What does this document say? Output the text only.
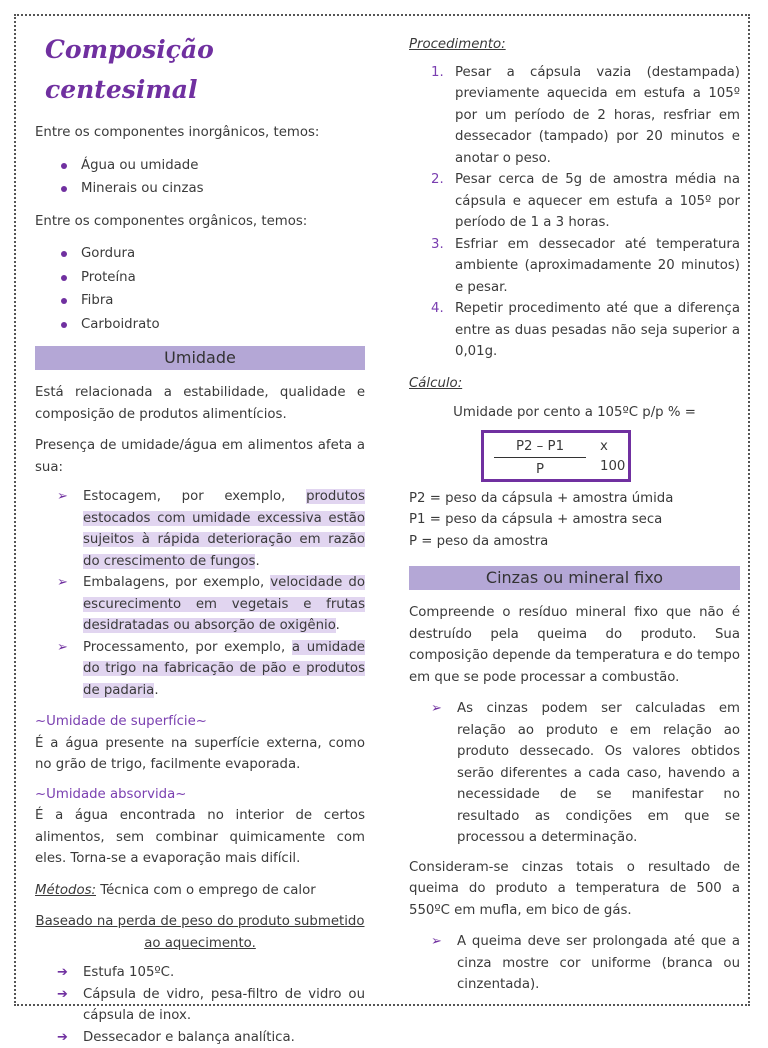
Composição centesimal

Entre os componentes inorgânicos, temos:

Água ou umidade
Minerais ou cinzas

Entre os componentes orgânicos, temos:

Gordura
Proteína
Fibra
Carboidrato
Umidade

Está relacionada a estabilidade, qualidade e composição de produtos alimentícios.

Presença de umidade/água em alimentos afeta a sua:

➢ Estocagem, por exemplo, produtos estocados com umidade excessiva estão sujeitos à rápida deterioração em razão do crescimento de fungos.
➢ Embalagens, por exemplo, velocidade do escurecimento em vegetais e frutas desidratadas ou absorção de oxigênio.
➢ Processamento, por exemplo, a umidade do trigo na fabricação de pão e produtos de padaria.

~Umidade de superfície~

É a água presente na superfície externa, como no grão de trigo, facilmente evaporada.

~Umidade absorvida~

É a água encontrada no interior de certos alimentos, sem combinar quimicamente com eles. Torna-se a evaporação mais difícil.

Métodos: Técnica com o emprego de calor

Baseado na perda de peso do produto submetido ao aquecimento.

➔ Estufa 105ºC.
➔ Cápsula de vidro, pesa-filtro de vidro ou cápsula de inox.
➔ Dessecador e balança analítica.

Procedimento:

1. Pesar a cápsula vazia (destampada) previamente aquecida em estufa a 105º por um período de 2 horas, resfriar em dessecador (tampado) por 20 minutos e anotar o peso.
2. Pesar cerca de 5g de amostra média na cápsula e aquecer em estufa a 105º por período de 1 a 3 horas.
3. Esfriar em dessecador até temperatura ambiente (aproximadamente 20 minutos) e pesar.
4. Repetir procedimento até que a diferença entre as duas pesadas não seja superior a 0,01g.

Cálculo:

Umidade por cento a 105ºC p/p % =

P2 – P1
P
x 100

P2 = peso da cápsula + amostra úmida

P1 = peso da cápsula + amostra seca

P = peso da amostra

Cinzas ou mineral fixo

Compreende o resíduo mineral fixo que não é destruído pela queima do produto. Sua composição depende da temperatura e do tempo em que se pode processar a combustão.

➢ As cinzas podem ser calculadas em relação ao produto e em relação ao produto dessecado. Os valores obtidos serão diferentes a cada caso, havendo a necessidade de se manifestar no resultado as condições em que se processou a determinação.

Consideram-se cinzas totais o resultado de queima do produto a temperatura de 500 a 550ºC em mufla, em bico de gás.

➢ A queima deve ser prolongada até que a cinza mostre cor uniforme (branca ou cinzentada).
